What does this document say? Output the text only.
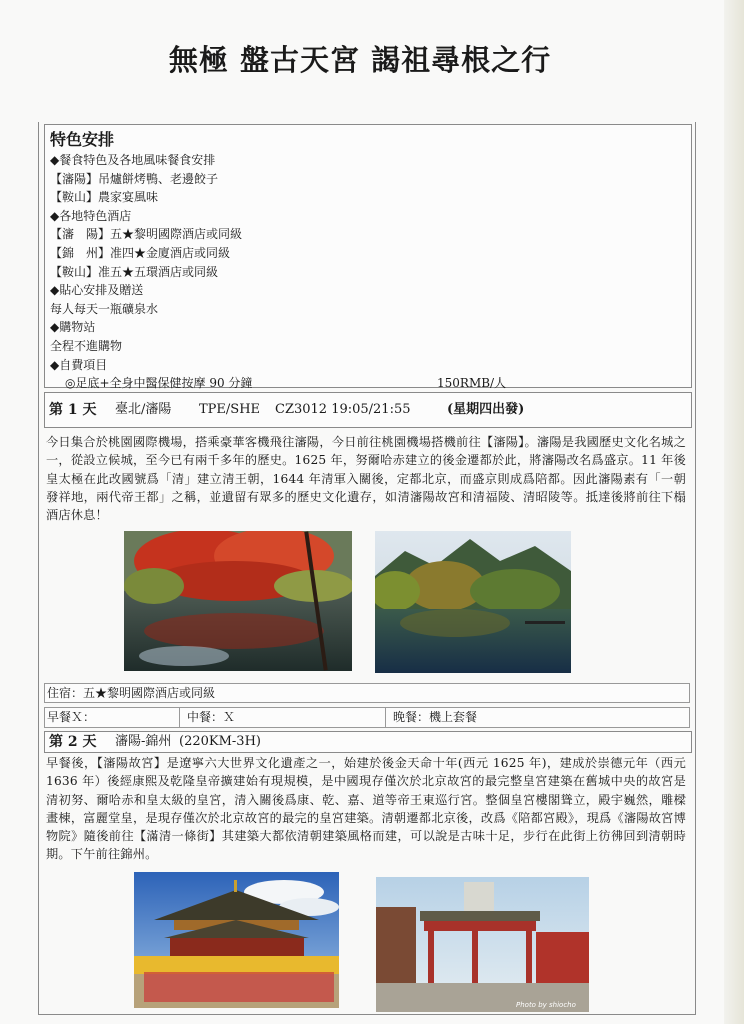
無極 盤古天宮 謁祖尋根之行
特色安排
◆餐食特色及各地風味餐食安排
【瀋陽】吊爐餅烤鴨、老邊餃子
【鞍山】農家宴風味
◆各地特色酒店
【瀋　陽】五★黎明國際酒店或同級
【錦　州】准四★金廈酒店或同級
【鞍山】准五★五環酒店或同級
◆貼心安排及贈送
每人每天一瓶礦泉水
◆購物站
全程不進購物
◆自費項目
◎足底+全身中醫保健按摩 90 分鐘	150RMB/人
第 1 天 臺北/瀋陽 TPE/SHE CZ3012 19:05/21:55	(星期四出發)
今日集合於桃園國際機場，搭乘豪華客機飛往瀋陽，今日前往桃園機場搭機前往【瀋陽】。瀋陽是我國歷史文化名城之一，從設立候城，至今已有兩千多年的歷史。1625 年，努爾哈赤建立的後金遷都於此，將瀋陽改名爲盛京。11 年後皇太極在此改國號爲「清」建立清王朝，1644 年清軍入關後，定都北京，而盛京則成爲陪都。因此瀋陽素有「一朝發祥地，兩代帝王都」之稱，並遺留有眾多的歷史文化遺存，如清瀋陽故宮和清福陵、清昭陵等。抵達後將前往下榻酒店休息！
住宿：五★黎明國際酒店或同級
早餐Ｘ：	中餐：Ｘ	晚餐：機上套餐
第 2 天 瀋陽-錦州 (220KM-3H)
早餐後，【瀋陽故宮】是遼寧六大世界文化遺產之一，始建於後金天命十年(西元 1625 年)，建成於崇德元年（西元 1636 年）後經康熙及乾隆皇帝擴建始有現規模，是中國現存僅次於北京故宮的最完整皇宮建築在舊城中央的故宮是清初努、爾哈赤和皇太級的皇宮，清入關後爲康、乾、嘉、道等帝王東巡行宮。整個皇宮樓閣聳立，殿宇巍然，雕樑畫棟，富麗堂皇，是現存僅次於北京故宮的最完的皇宮建築。清朝遷都北京後，改爲《陪都宮殿》，現爲《瀋陽故宮博物院》隨後前往【滿清一條街】其建築大都依清朝建築風格而建，可以說是古味十足，步行在此街上彷彿回到清朝時期。下午前往錦州。
Photo by shiocho
